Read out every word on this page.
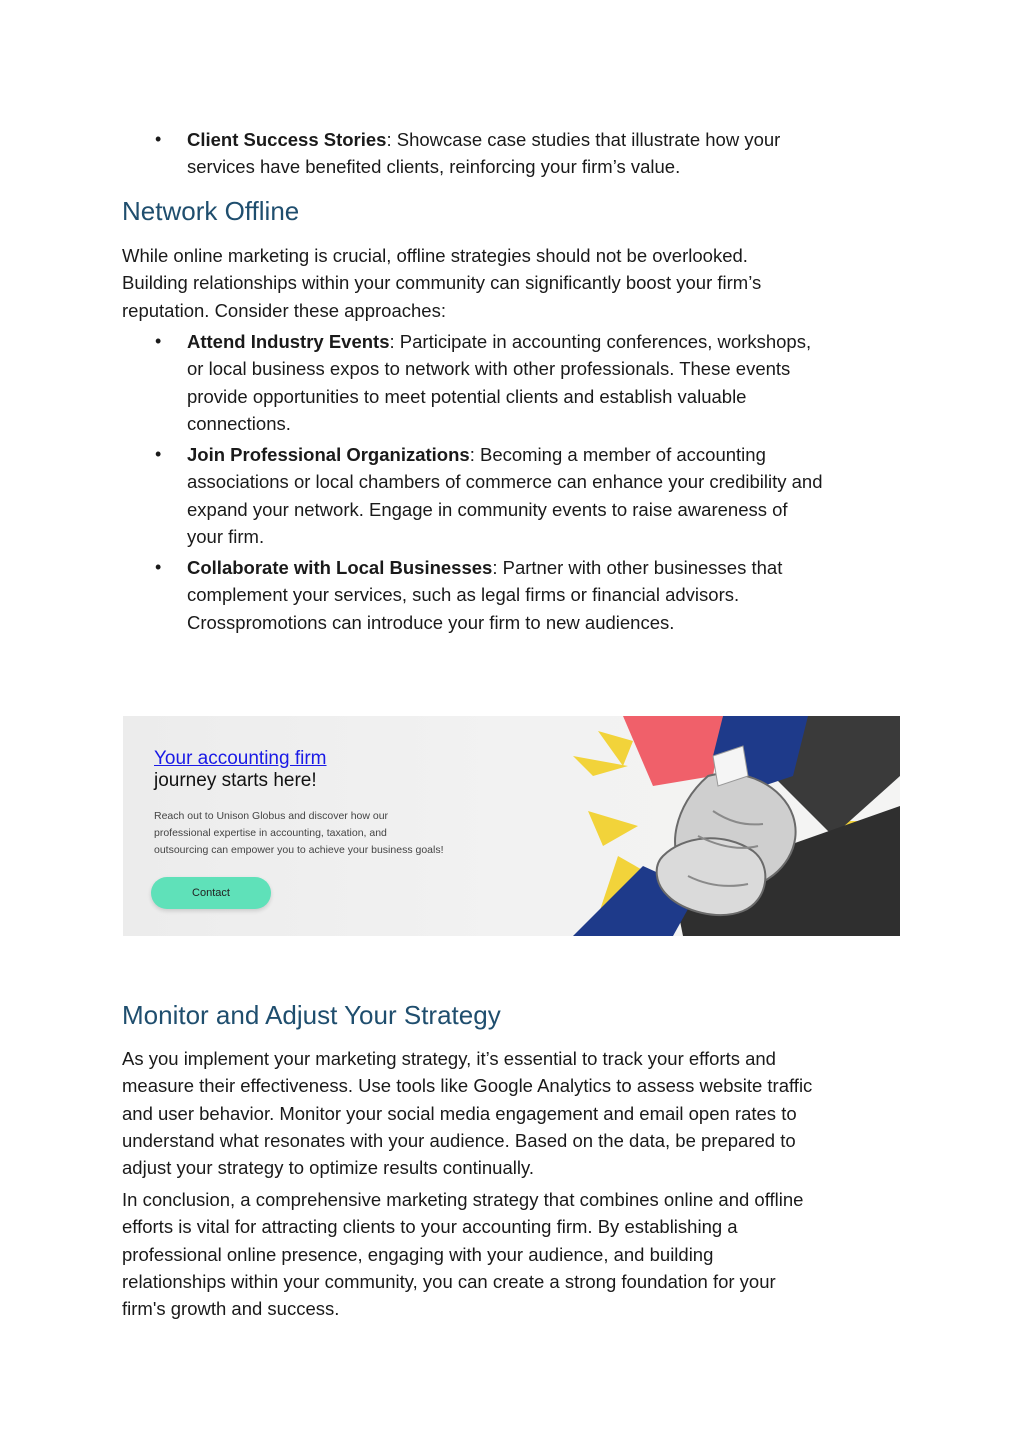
• Client Success Stories: Showcase case studies that illustrate how your
services have benefited clients, reinforcing your firm’s value.
Network Offline

While online marketing is crucial, offline strategies should not be overlooked.
Building relationships within your community can significantly boost your firm’s
reputation. Consider these approaches:

• Attend Industry Events: Participate in accounting conferences, workshops,
or local business expos to network with other professionals. These events
provide opportunities to meet potential clients and establish valuable
connections.
• Join Professional Organizations: Becoming a member of accounting
associations or local chambers of commerce can enhance your credibility and
expand your network. Engage in community events to raise awareness of
your firm.
• Collaborate with Local Businesses: Partner with other businesses that
complement your services, such as legal firms or financial advisors.
Crosspromotions can introduce your firm to new audiences.
Your accounting firm
journey starts here!
Reach out to Unison Globus and discover how our
professional expertise in accounting, taxation, and
outsourcing can empower you to achieve your business goals!
Contact
Monitor and Adjust Your Strategy

As you implement your marketing strategy, it’s essential to track your efforts and
measure their effectiveness. Use tools like Google Analytics to assess website traffic
and user behavior. Monitor your social media engagement and email open rates to
understand what resonates with your audience. Based on the data, be prepared to
adjust your strategy to optimize results continually.

In conclusion, a comprehensive marketing strategy that combines online and offline
efforts is vital for attracting clients to your accounting firm. By establishing a
professional online presence, engaging with your audience, and building
relationships within your community, you can create a strong foundation for your
firm's growth and success.
